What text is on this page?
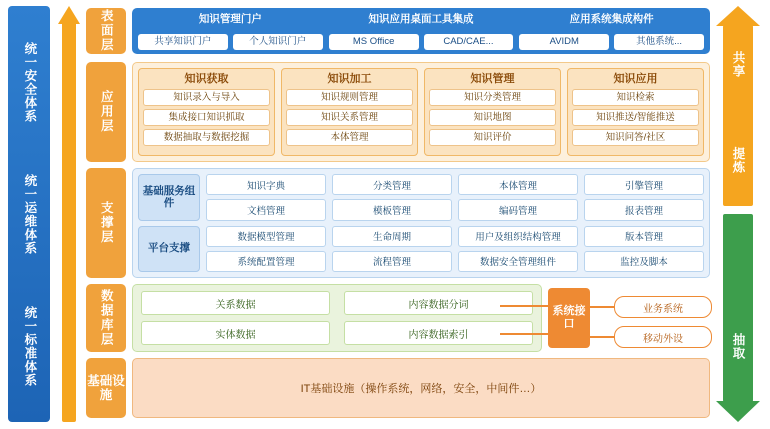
统一安全体系
统一运维体系
统一标准体系
表面层
应用层
支撑层
数据库层
基础设施
知识管理门户
共享知识门户	个人知识门户
知识应用桌面工具集成
MS Office	CAD/CAE...
应用系统集成构件
AVIDM	其他系统...
知识获取
知识录入与导入
集成接口知识抓取
数据抽取与数据挖掘
知识加工
知识规则管理
知识关系管理
本体管理
知识管理
知识分类管理
知识地图
知识评价
知识应用
知识检索
知识推送/智能推送
知识问答/社区
基础服务组件
知识字典	分类管理	本体管理	引擎管理
文档管理	模板管理	编码管理	报表管理
平台支撑
数据模型管理	生命周期	用户及组织结构管理	版本管理
系统配置管理	流程管理	数据安全管理组件	监控及脚本
关系数据	内容数据分词
实体数据	内容数据索引
系统接口
业务系统
移动外设
IT基础设施（操作系统，网络，安全，中间件…）
共享
提炼
抽取
